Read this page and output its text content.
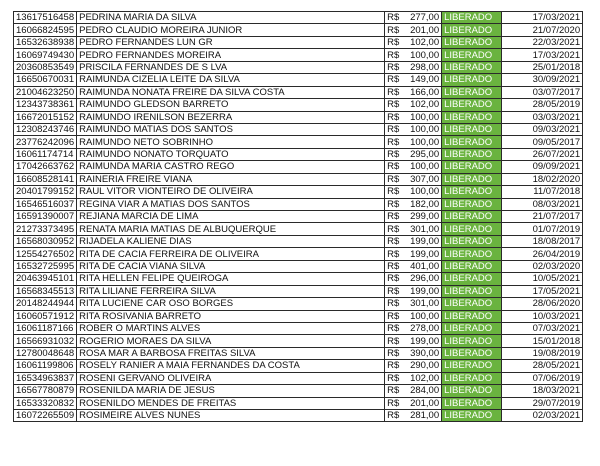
13617516458	PEDRINA MARIA DA SILVA	R$	277,00	LIBERADO	17/03/2021
16066824595	PEDRO CLAUDIO MOREIRA JUNIOR	R$	201,00	LIBERADO	21/07/2020
16532638938	PEDRO FERNANDES LUN GR	R$	102,00	LIBERADO	22/03/2021
16069749430	PEDRO FERNANDES MOREIRA	R$	100,00	LIBERADO	17/03/2021
20360853549	PRISCILA FERNANDES DE S LVA	R$	298,00	LIBERADO	25/01/2018
16650670031	RAIMUNDA CIZELIA LEITE DA SILVA	R$	149,00	LIBERADO	30/09/2021
21004623250	RAIMUNDA NONATA FREIRE DA SILVA COSTA	R$	166,00	LIBERADO	03/07/2017
12343738361	RAIMUNDO GLEDSON BARRETO	R$	102,00	LIBERADO	28/05/2019
16672015152	RAIMUNDO IRENILSON BEZERRA	R$	100,00	LIBERADO	03/03/2021
12308243746	RAIMUNDO MATIAS DOS SANTOS	R$	100,00	LIBERADO	09/03/2021
23776242096	RAIMUNDO NETO SOBRINHO	R$	100,00	LIBERADO	09/05/2017
16061174714	RAIMUNDO NONATO TORQUATO	R$	295,00	LIBERADO	26/07/2021
17042663762	RAIMUNDA MARIA CASTRO REGO	R$	100,00	LIBERADO	09/09/2021
16608528141	RAINERIA FREIRE VIANA	R$	307,00	LIBERADO	18/02/2020
20401799152	RAUL VITOR VIONTEIRO DE OLIVEIRA	R$	100,00	LIBERADO	11/07/2018
16546516037	REGINA VIAR A MATIAS DOS SANTOS	R$	182,00	LIBERADO	08/03/2021
16591390007	REJIANA MARCIA DE LIMA	R$	299,00	LIBERADO	21/07/2017
21273373495	RENATA MARIA MATIAS DE ALBUQUERQUE	R$	301,00	LIBERADO	01/07/2019
16568030952	RIJADELA KALIENE DIAS	R$	199,00	LIBERADO	18/08/2017
12554276502	RITA DE CACIA FERREIRA DE OLIVEIRA	R$	199,00	LIBERADO	26/04/2019
16532725995	RITA DE CACIA VIANA SILVA	R$	401,00	LIBERADO	02/03/2020
20463945101	RITA HELLEN FELIPE QUEIROGA	R$	296,00	LIBERADO	10/05/2021
16568345513	RITA LILIANE FERREIRA SILVA	R$	199,00	LIBERADO	17/05/2021
20148244944	RITA LUCIENE CAR OSO BORGES	R$	301,00	LIBERADO	28/06/2020
16060571912	RITA ROSIVANIA BARRETO	R$	100,00	LIBERADO	10/03/2021
16061187166	ROBER O MARTINS ALVES	R$	278,00	LIBERADO	07/03/2021
16566931032	ROGERIO MORAES DA SILVA	R$	199,00	LIBERADO	15/01/2018
12780048648	ROSA MAR A BARBOSA FREITAS SILVA	R$	390,00	LIBERADO	19/08/2019
16061199806	ROSELY RANIER A MAIA FERNANDES DA COSTA	R$	290,00	LIBERADO	28/05/2021
16534963837	ROSENI GERVANO OLIVEIRA	R$	102,00	LIBERADO	07/06/2019
16567780879	ROSENILDA MARIA DE JESUS	R$	284,00	LIBERADO	18/03/2021
16533320832	ROSENILDO MENDES DE FREITAS	R$	201,00	LIBERADO	29/07/2019
16072265509	ROSIMEIRE ALVES NUNES	R$	281,00	LIBERADO	02/03/2021
